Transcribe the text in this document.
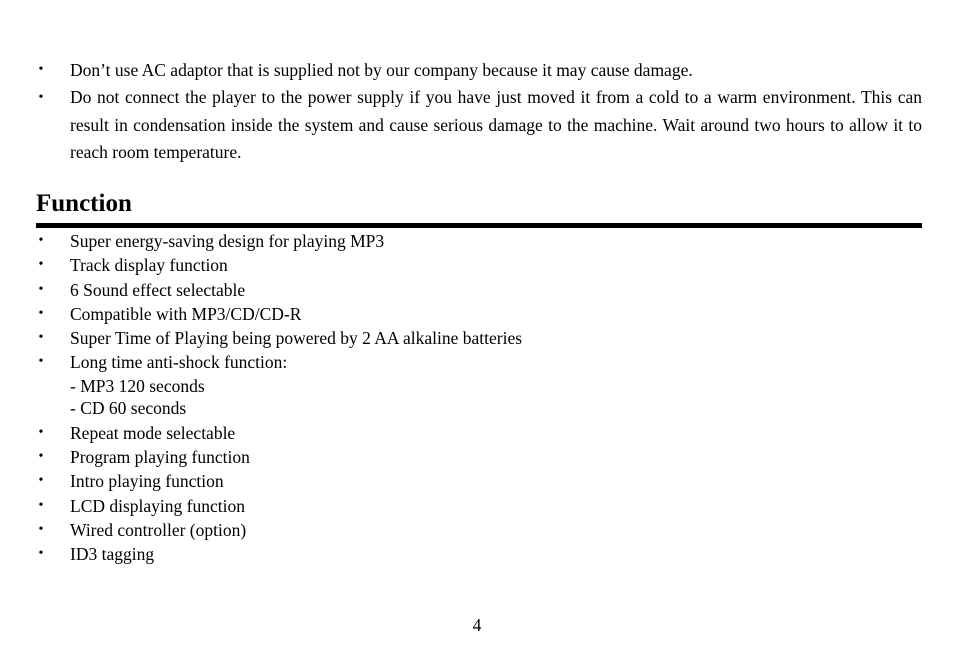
• Don’t use AC adaptor that is supplied not by our company because it may cause damage.
• Do not connect the player to the power supply if you have just moved it from a cold to a warm environment. This can result in condensation inside the system and cause serious damage to the machine. Wait around two hours to allow it to reach room temperature.
Function
• Super energy-saving design for playing MP3
• Track display function
• 6 Sound effect selectable
• Compatible with MP3/CD/CD-R
• Super Time of Playing being powered by 2 AA alkaline batteries
• Long time anti-shock function:
- MP3 120 seconds
- CD 60 seconds
• Repeat mode selectable
• Program playing function
• Intro playing function
• LCD displaying function
• Wired controller (option)
• ID3 tagging
4
